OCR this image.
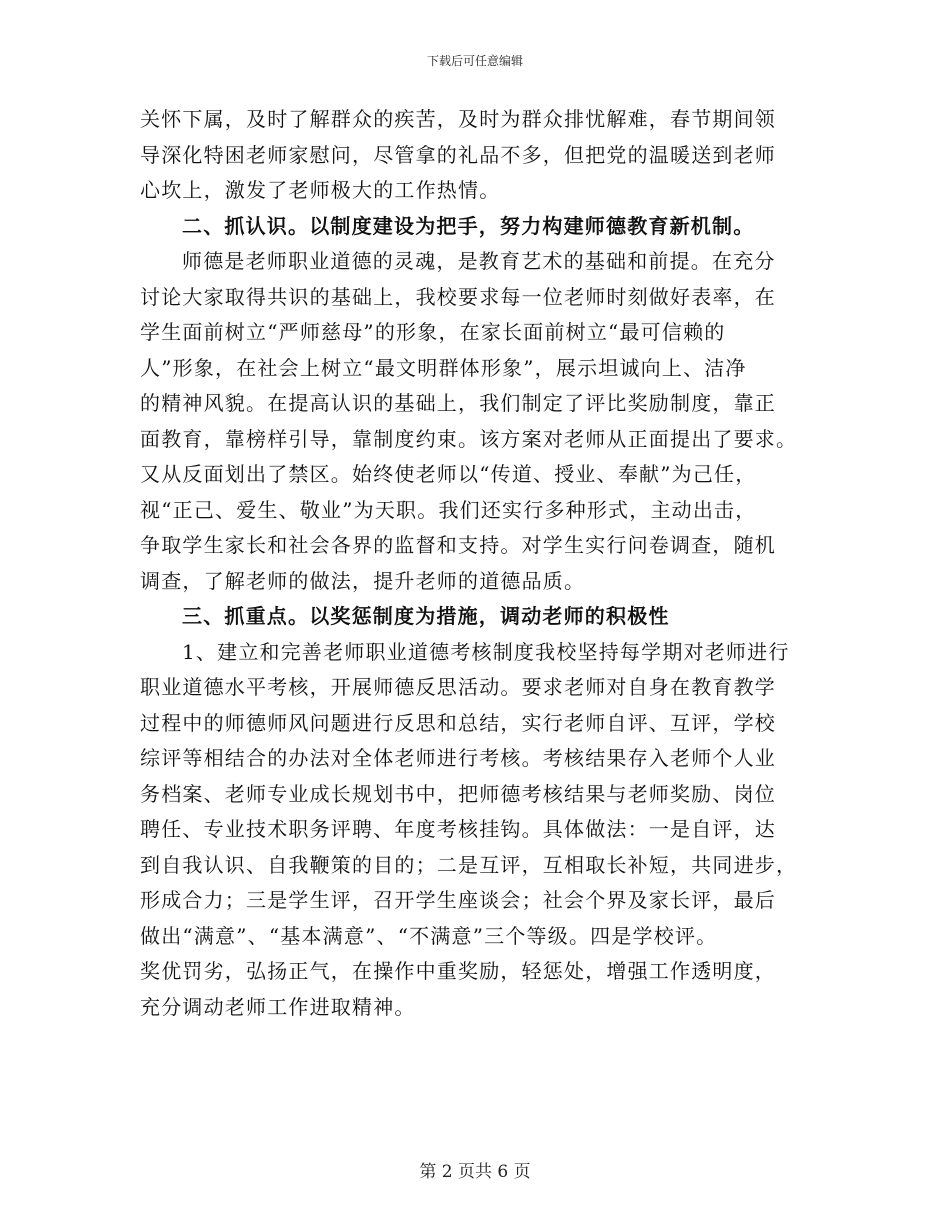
下载后可任意编辑
关怀下属，及时了解群众的疾苦，及时为群众排忧解难，春节期间领
导深化特困老师家慰问，尽管拿的礼品不多，但把党的温暖送到老师
心坎上，激发了老师极大的工作热情。
二、抓认识。以制度建设为把手，努力构建师德教育新机制。
师德是老师职业道德的灵魂，是教育艺术的基础和前提。在充分
讨论大家取得共识的基础上，我校要求每一位老师时刻做好表率，在
学生面前树立“严师慈母”的形象，在家长面前树立“最可信赖的
人”形象，在社会上树立“最文明群体形象”，展示坦诚向上、洁净
的精神风貌。在提高认识的基础上，我们制定了评比奖励制度，靠正
面教育，靠榜样引导，靠制度约束。该方案对老师从正面提出了要求。
又从反面划出了禁区。始终使老师以“传道、授业、奉献”为己任，
视“正己、爱生、敬业”为天职。我们还实行多种形式，主动出击，
争取学生家长和社会各界的监督和支持。对学生实行问卷调查，随机
调查，了解老师的做法，提升老师的道德品质。
三、抓重点。以奖惩制度为措施，调动老师的积极性
1、建立和完善老师职业道德考核制度我校坚持每学期对老师进行
职业道德水平考核，开展师德反思活动。要求老师对自身在教育教学
过程中的师德师风问题进行反思和总结，实行老师自评、互评，学校
综评等相结合的办法对全体老师进行考核。考核结果存入老师个人业
务档案、老师专业成长规划书中，把师德考核结果与老师奖励、岗位
聘任、专业技术职务评聘、年度考核挂钩。具体做法：一是自评，达
到自我认识、自我鞭策的目的；二是互评，互相取长补短，共同进步，
形成合力；三是学生评，召开学生座谈会；社会个界及家长评，最后
做出“满意”、“基本满意”、“不满意”三个等级。四是学校评。
奖优罚劣，弘扬正气，在操作中重奖励，轻惩处，增强工作透明度，
充分调动老师工作进取精神。
第 2 页共 6 页
